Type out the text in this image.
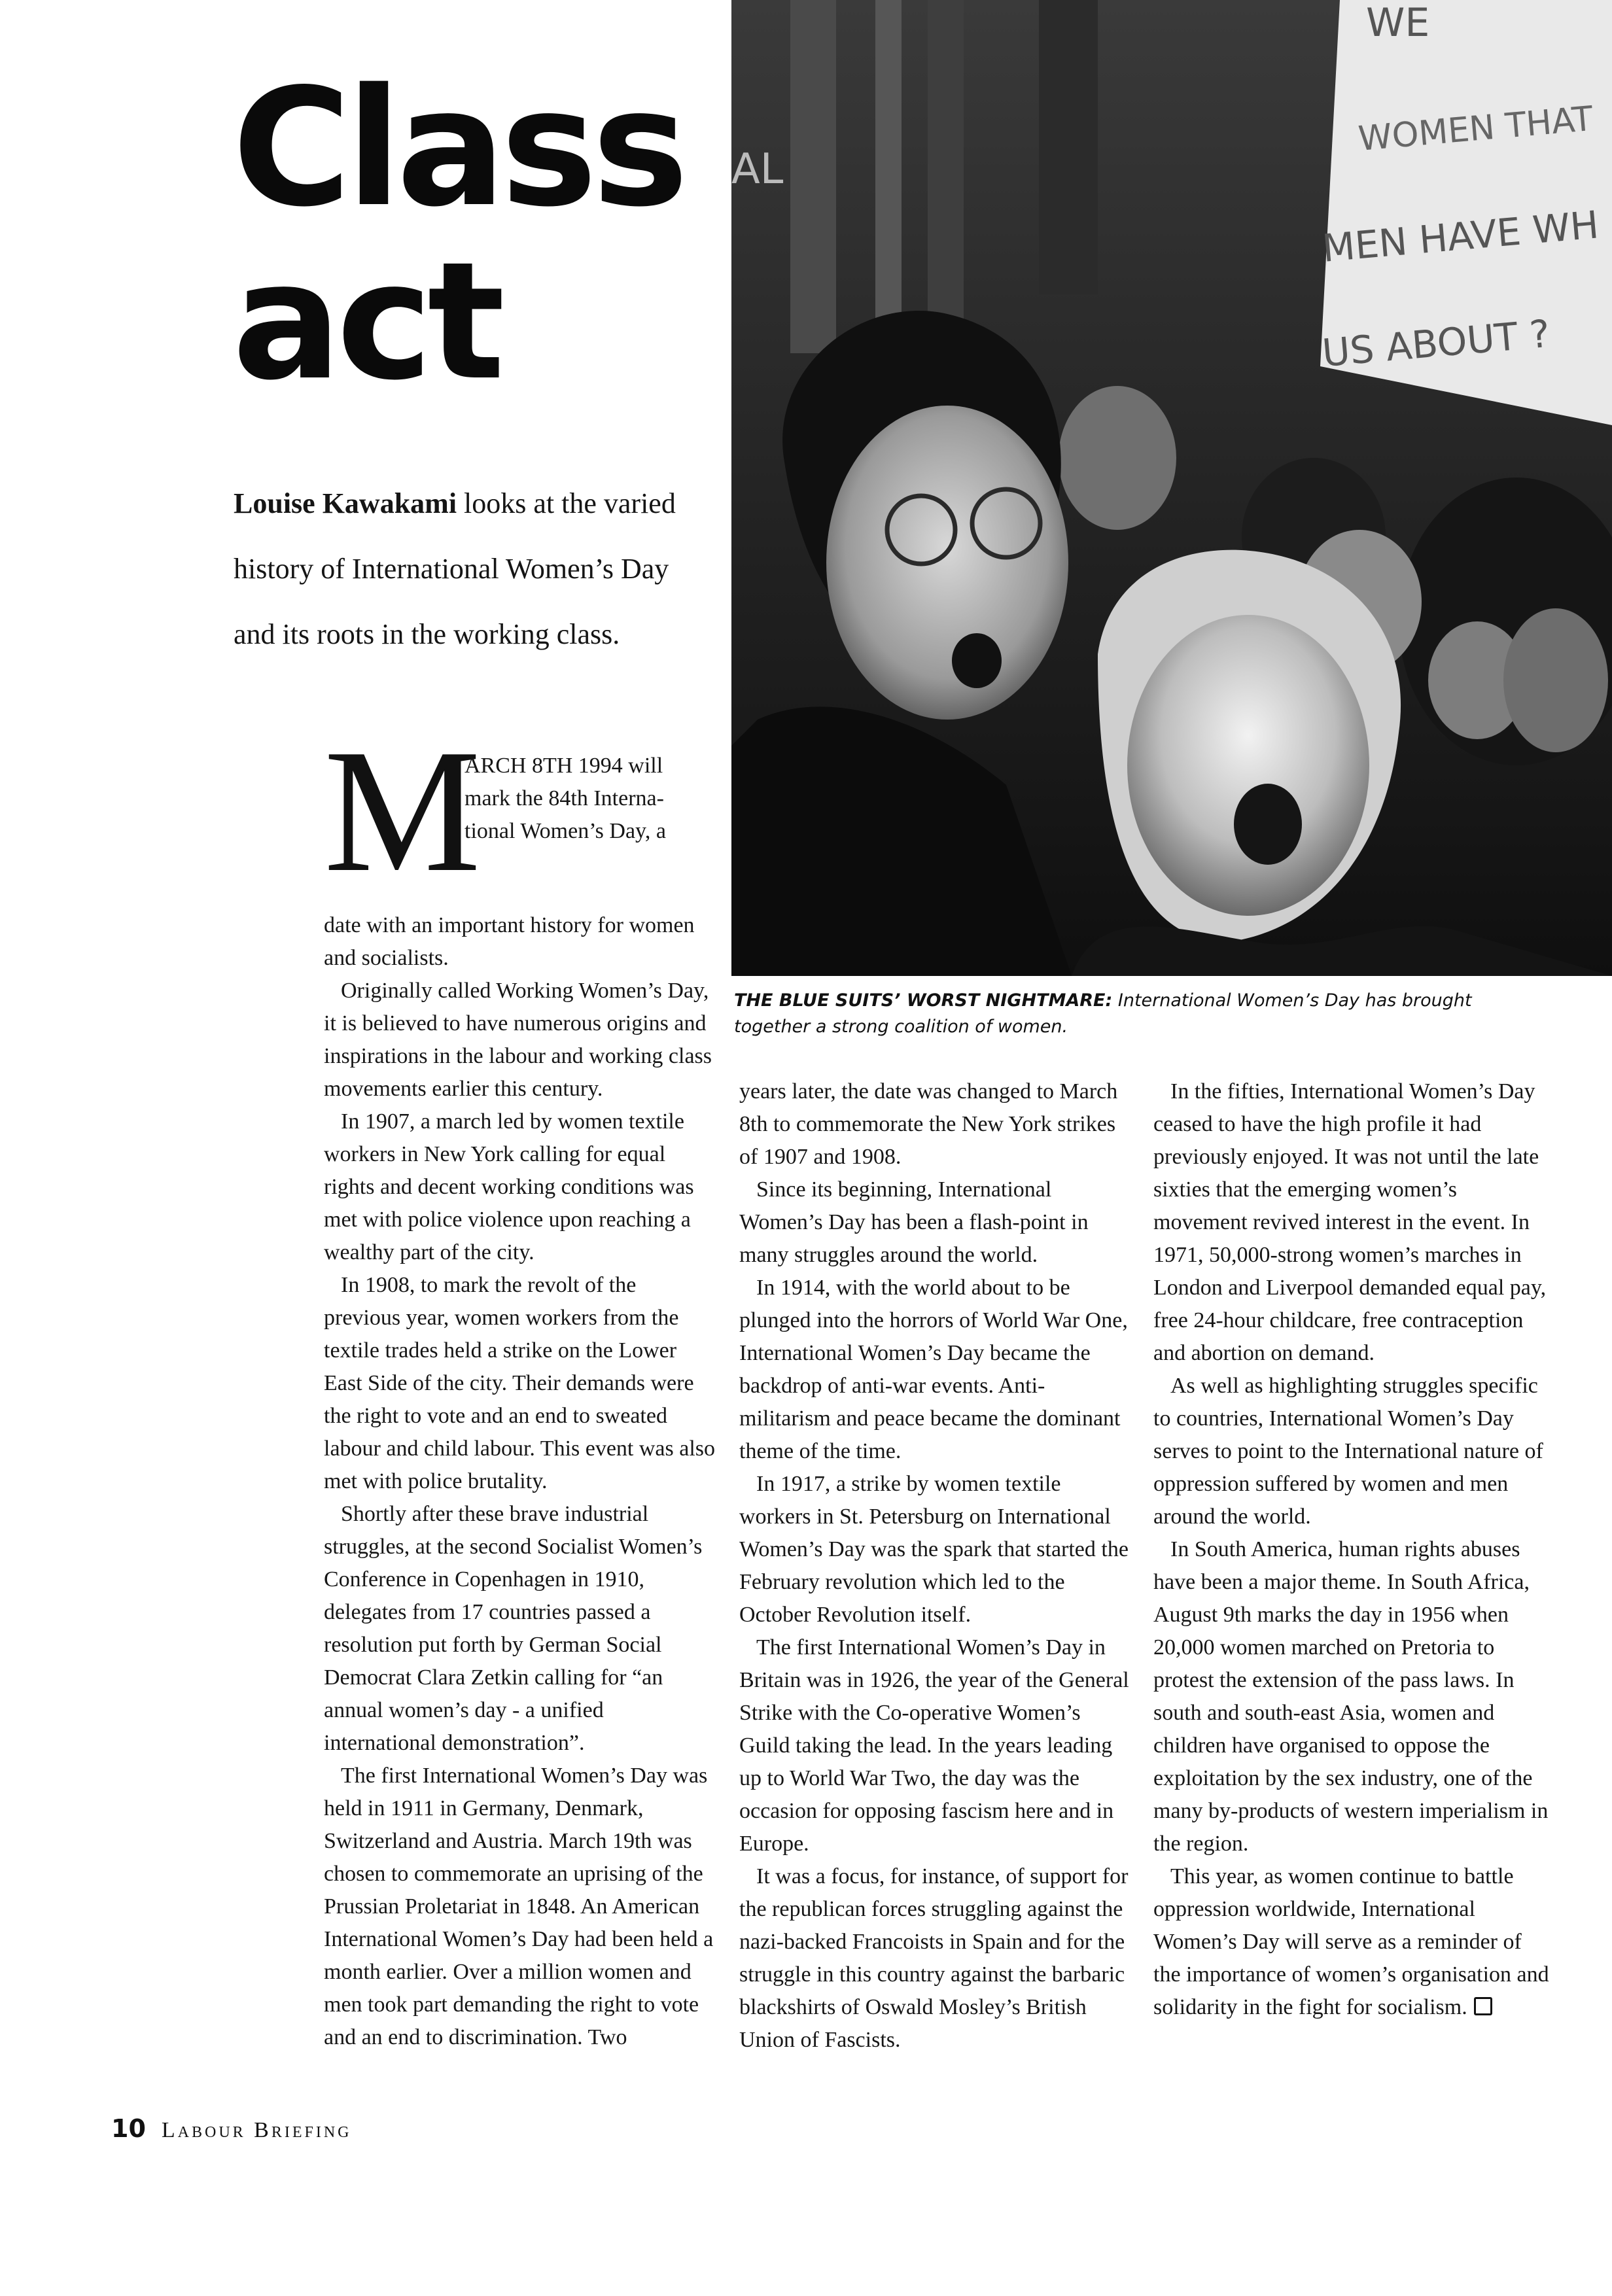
Class
act

Louise Kawakami looks at the varied
history of International Women’s Day
and its roots in the working class.

WE
WOMEN THAT
MEN HAVE WH
US ABOUT ?
AL

THE BLUE SUITS’ WORST NIGHTMARE: International Women’s Day has brought together a strong coalition of women.

M
ARCH 8TH 1994 will
mark the 84th Interna-
tional Women’s Day, a

date with an important history for women and socialists.

Originally called Working Women’s Day, it is believed to have numerous origins and inspirations in the labour and working class movements earlier this century.

In 1907, a march led by women textile workers in New York calling for equal rights and decent working conditions was met with police violence upon reaching a wealthy part of the city.

In 1908, to mark the revolt of the previous year, women workers from the textile trades held a strike on the Lower East Side of the city. Their demands were the right to vote and an end to sweated labour and child labour. This event was also met with police brutality.

Shortly after these brave industrial struggles, at the second Socialist Women’s Conference in Copenhagen in 1910, delegates from 17 countries passed a resolution put forth by German Social Democrat Clara Zetkin calling for “an annual women’s day - a unified international demonstration”.

The first International Women’s Day was held in 1911 in Germany, Denmark, Switzerland and Austria. March 19th was chosen to commemorate an uprising of the Prussian Proletariat in 1848. An American International Women’s Day had been held a month earlier. Over a million women and men took part demanding the right to vote and an end to discrimination. Two

years later, the date was changed to March 8th to commemorate the New York strikes of 1907 and 1908.

Since its beginning, International Women’s Day has been a flash-point in many struggles around the world.

In 1914, with the world about to be plunged into the horrors of World War One, International Women’s Day became the backdrop of anti-war events. Anti-militarism and peace became the dominant theme of the time.

In 1917, a strike by women textile workers in St. Petersburg on International Women’s Day was the spark that started the February revolution which led to the October Revolution itself.

The first International Women’s Day in Britain was in 1926, the year of the General Strike with the Co-operative Women’s Guild taking the lead. In the years leading up to World War Two, the day was the occasion for opposing fascism here and in Europe.

It was a focus, for instance, of support for the republican forces struggling against the nazi-backed Francoists in Spain and for the struggle in this country against the barbaric blackshirts of Oswald Mosley’s British Union of Fascists.

In the fifties, International Women’s Day ceased to have the high profile it had previously enjoyed. It was not until the late sixties that the emerging women’s movement revived interest in the event. In 1971, 50,000-strong women’s marches in London and Liverpool demanded equal pay, free 24-hour childcare, free contraception and abortion on demand.

As well as highlighting struggles specific to countries, International Women’s Day serves to point to the International nature of oppression suffered by women and men around the world.

In South America, human rights abuses have been a major theme. In South Africa, August 9th marks the day in 1956 when 20,000 women marched on Pretoria to protest the extension of the pass laws. In south and south-east Asia, women and children have organised to oppose the exploitation by the sex industry, one of the many by-products of western imperialism in the region.

This year, as women continue to battle oppression worldwide, International Women’s Day will serve as a reminder of the importance of women’s organisation and solidarity in the fight for socialism.

10 Labour Briefing
